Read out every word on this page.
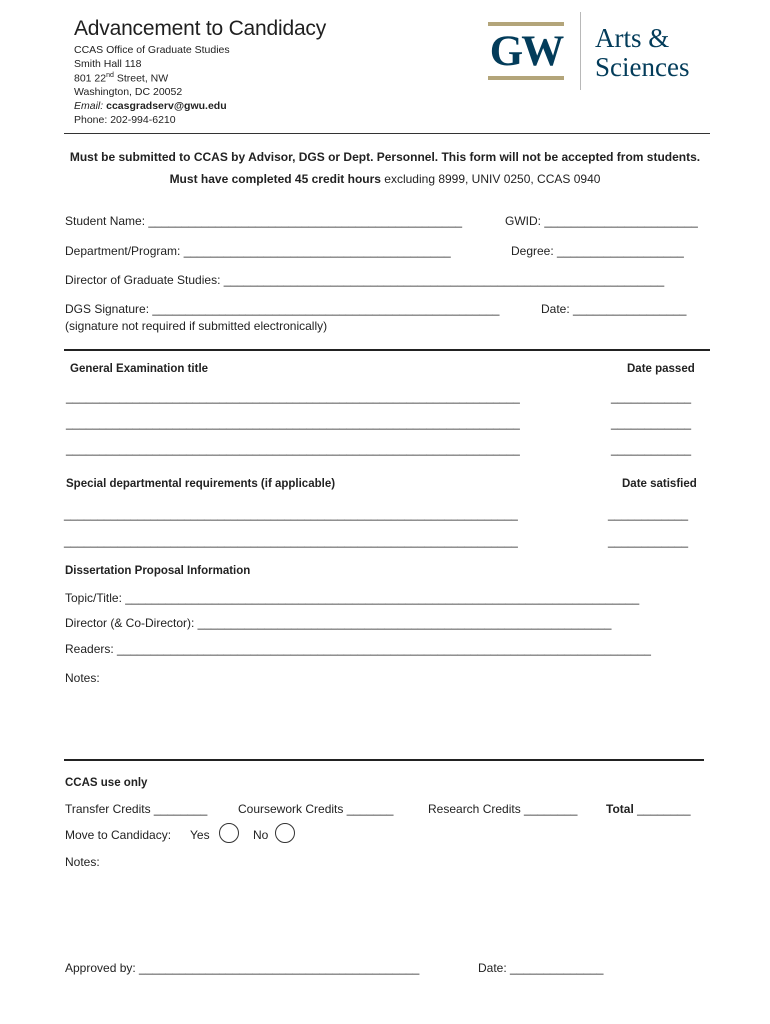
Advancement to Candidacy
CCAS Office of Graduate Studies
Smith Hall 118
801 22nd Street, NW
Washington, DC 20052
Email: ccasgradserv@gwu.edu
Phone: 202-994-6210
GW Arts &
Sciences
Must be submitted to CCAS by Advisor, DGS or Dept. Personnel. This form will not be accepted from students.
Must have completed 45 credit hours excluding 8999, UNIV 0250, CCAS 0940
Student Name: _______________________________________________	GWID: _______________________
Department/Program: ________________________________________	Degree: ___________________
Director of Graduate Studies: __________________________________________________________________
DGS Signature: ____________________________________________________	Date: _________________
(signature not required if submitted electronically)
General Examination title	Date passed
____________________________________________________________________	____________
____________________________________________________________________	____________
____________________________________________________________________	____________
Special departmental requirements (if applicable)	Date satisfied
____________________________________________________________________	____________
____________________________________________________________________	____________
Dissertation Proposal Information
Topic/Title: _____________________________________________________________________________
Director (& Co-Director): ______________________________________________________________
Readers: ________________________________________________________________________________
Notes:
CCAS use only
Transfer Credits ________	Coursework Credits _______	Research Credits ________ Total ________
Move to Candidacy: Yes	No
Notes:
Approved by: __________________________________________	Date: ______________
